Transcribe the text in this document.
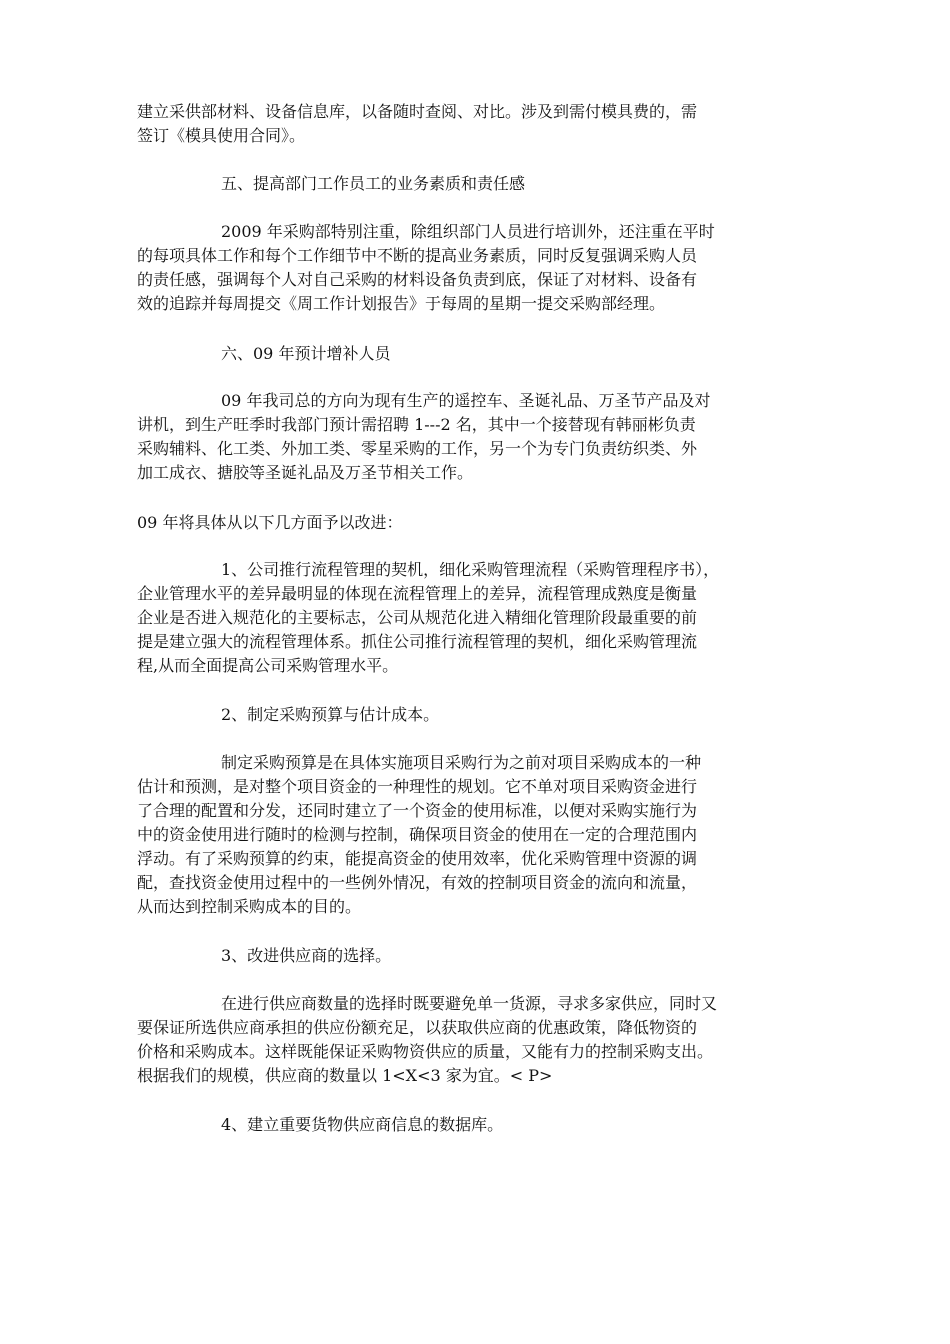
建立采供部材料、设备信息库，以备随时查阅、对比。涉及到需付模具费的，需
签订《模具使用合同》。
五、提高部门工作员工的业务素质和责任感
2009 年采购部特别注重，除组织部门人员进行培训外，还注重在平时
的每项具体工作和每个工作细节中不断的提高业务素质，同时反复强调采购人员
的责任感，强调每个人对自己采购的材料设备负责到底，保证了对材料、设备有
效的追踪并每周提交《周工作计划报告》于每周的星期一提交采购部经理。
六、09 年预计增补人员
09 年我司总的方向为现有生产的遥控车、圣诞礼品、万圣节产品及对
讲机，到生产旺季时我部门预计需招聘 1---2 名，其中一个接替现有韩丽彬负责
采购辅料、化工类、外加工类、零星采购的工作，另一个为专门负责纺织类、外
加工成衣、搪胶等圣诞礼品及万圣节相关工作。
09 年将具体从以下几方面予以改进：
1、公司推行流程管理的契机，细化采购管理流程（采购管理程序书），
企业管理水平的差异最明显的体现在流程管理上的差异，流程管理成熟度是衡量
企业是否进入规范化的主要标志，公司从规范化进入精细化管理阶段最重要的前
提是建立强大的流程管理体系。抓住公司推行流程管理的契机，细化采购管理流
程,从而全面提高公司采购管理水平。
2、制定采购预算与估计成本。
制定采购预算是在具体实施项目采购行为之前对项目采购成本的一种
估计和预测，是对整个项目资金的一种理性的规划。它不单对项目采购资金进行
了合理的配置和分发，还同时建立了一个资金的使用标准，以便对采购实施行为
中的资金使用进行随时的检测与控制，确保项目资金的使用在一定的合理范围内
浮动。有了采购预算的约束，能提高资金的使用效率，优化采购管理中资源的调
配，查找资金使用过程中的一些例外情况，有效的控制项目资金的流向和流量，
从而达到控制采购成本的目的。
3、改进供应商的选择。
在进行供应商数量的选择时既要避免单一货源，寻求多家供应，同时又
要保证所选供应商承担的供应份额充足，以获取供应商的优惠政策，降低物资的
价格和采购成本。这样既能保证采购物资供应的质量，又能有力的控制采购支出。
根据我们的规模，供应商的数量以 1<X<3 家为宜。< P>
4、建立重要货物供应商信息的数据库。
